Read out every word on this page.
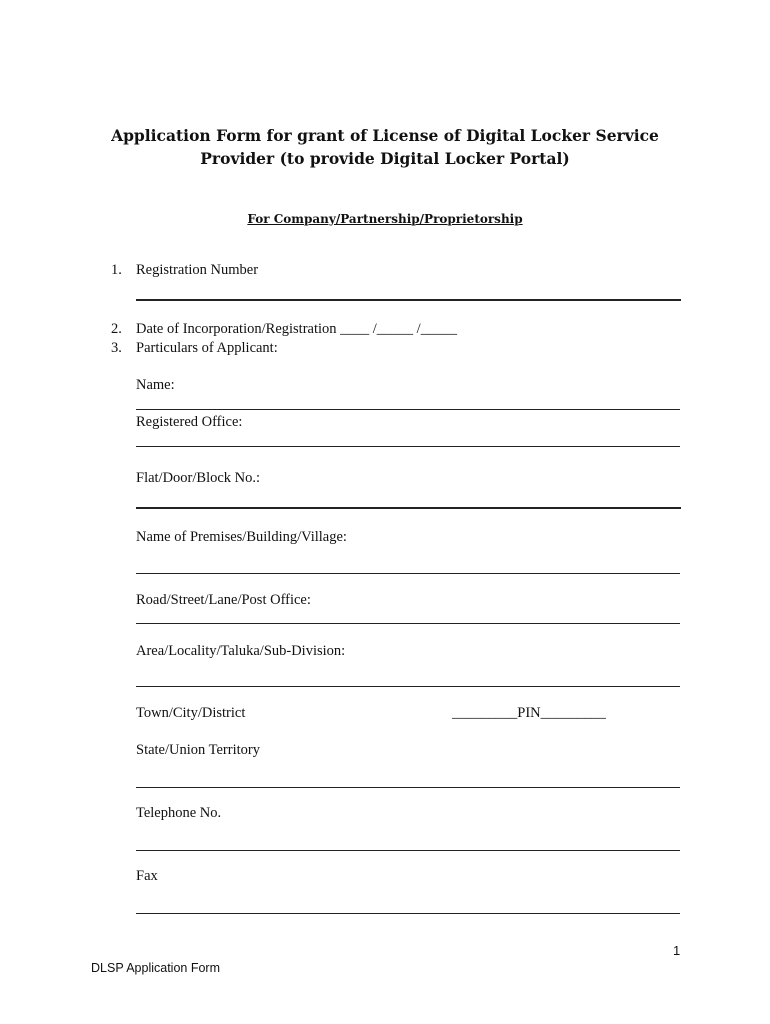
Application Form for grant of License of Digital Locker Service
Provider (to provide Digital Locker Portal)
For Company/Partnership/Proprietorship
1. Registration Number
2. Date of Incorporation/Registration ____ /_____ /_____
3. Particulars of Applicant:
Name:
Registered Office:
Flat/Door/Block No.:
Name of Premises/Building/Village:
Road/Street/Lane/Post Office:
Area/Locality/Taluka/Sub-Division:
Town/City/District	_________PIN_________
State/Union Territory
Telephone No.
Fax
1
DLSP Application Form
